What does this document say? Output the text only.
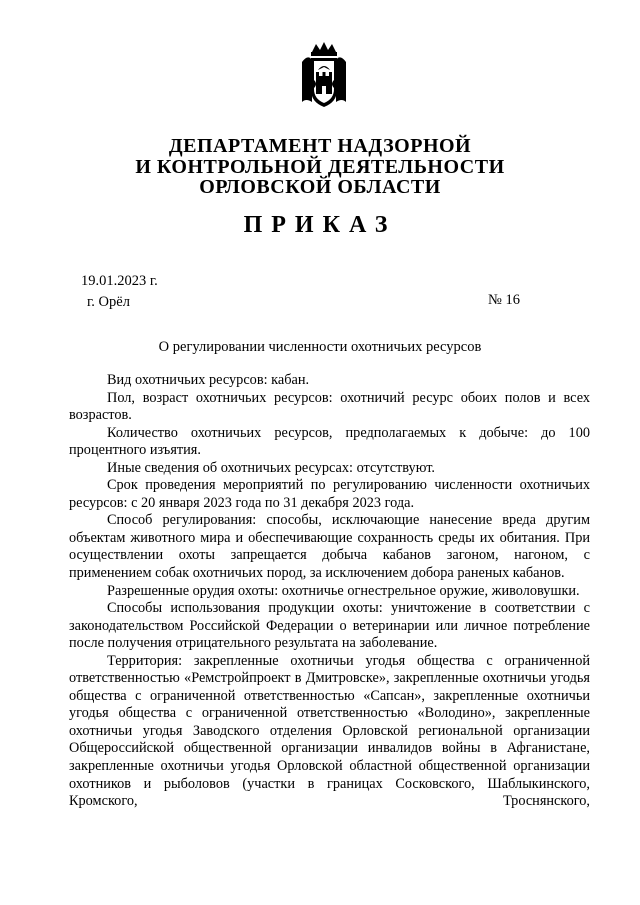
ДЕПАРТАМЕНТ НАДЗОРНОЙ
И КОНТРОЛЬНОЙ ДЕЯТЕЛЬНОСТИ
ОРЛОВСКОЙ ОБЛАСТИ
ПРИКАЗ
19.01.2023 г.
г. Орёл	№ 16
О регулировании численности охотничьих ресурсов

Вид охотничьих ресурсов: кабан.

Пол, возраст охотничьих ресурсов: охотничий ресурс обоих полов и всех возрастов.

Количество охотничьих ресурсов, предполагаемых к добыче: до 100 процентного изъятия.

Иные сведения об охотничьих ресурсах: отсутствуют.

Срок проведения мероприятий по регулированию численности охотничьих ресурсов: с 20 января 2023 года по 31 декабря 2023 года.

Способ регулирования: способы, исключающие нанесение вреда другим объектам животного мира и обеспечивающие сохранность среды их обитания. При осуществлении охоты запрещается добыча кабанов загоном, нагоном, с применением собак охотничьих пород, за исключением добора раненых кабанов.

Разрешенные орудия охоты: охотничье огнестрельное оружие, живоловушки.

Способы использования продукции охоты: уничтожение в соответствии с законодательством Российской Федерации о ветеринарии или личное потребление после получения отрицательного результата на заболевание.

Территория: закрепленные охотничьи угодья общества с ограниченной ответственностью «Ремстройпроект в Дмитровске», закрепленные охотничьи угодья общества с ограниченной ответственностью «Сапсан», закрепленные охотничьи угодья общества с ограниченной ответственностью «Володино», закрепленные охотничьи угодья Заводского отделения Орловской региональной организации Общероссийской общественной организации инвалидов войны в Афганистане, закрепленные охотничьи угодья Орловской областной общественной организации охотников и рыболовов (участки в границах Сосковского, Шаблыкинского, Кромского, Троснянского,
